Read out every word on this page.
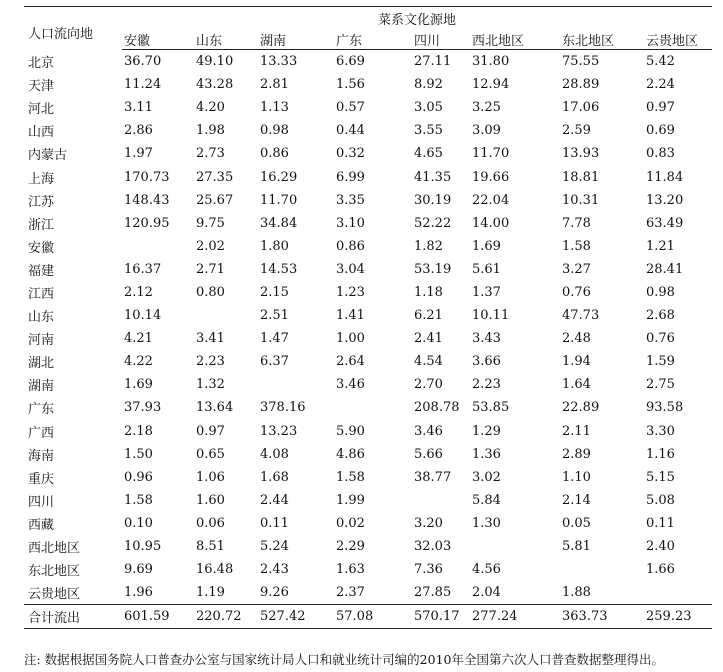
人口流向地	菜系文化源地							
	安徽	山东	湖南	广东	四川	西北地区	东北地区	云贵地区
北京	36.70	49.10	13.33	6.69	27.11	31.80	75.55	5.42
天津	11.24	43.28	2.81	1.56	8.92	12.94	28.89	2.24
河北	3.11	4.20	1.13	0.57	3.05	3.25	17.06	0.97
山西	2.86	1.98	0.98	0.44	3.55	3.09	2.59	0.69
内蒙古	1.97	2.73	0.86	0.32	4.65	11.70	13.93	0.83
上海	170.73	27.35	16.29	6.99	41.35	19.66	18.81	11.84
江苏	148.43	25.67	11.70	3.35	30.19	22.04	10.31	13.20
浙江	120.95	9.75	34.84	3.10	52.22	14.00	7.78	63.49
安徽		2.02	1.80	0.86	1.82	1.69	1.58	1.21
福建	16.37	2.71	14.53	3.04	53.19	5.61	3.27	28.41
江西	2.12	0.80	2.15	1.23	1.18	1.37	0.76	0.98
山东	10.14		2.51	1.41	6.21	10.11	47.73	2.68
河南	4.21	3.41	1.47	1.00	2.41	3.43	2.48	0.76
湖北	4.22	2.23	6.37	2.64	4.54	3.66	1.94	1.59
湖南	1.69	1.32		3.46	2.70	2.23	1.64	2.75
广东	37.93	13.64	378.16		208.78	53.85	22.89	93.58
广西	2.18	0.97	13.23	5.90	3.46	1.29	2.11	3.30
海南	1.50	0.65	4.08	4.86	5.66	1.36	2.89	1.16
重庆	0.96	1.06	1.68	1.58	38.77	3.02	1.10	5.15
四川	1.58	1.60	2.44	1.99		5.84	2.14	5.08
西藏	0.10	0.06	0.11	0.02	3.20	1.30	0.05	0.11
西北地区	10.95	8.51	5.24	2.29	32.03		5.81	2.40
东北地区	9.69	16.48	2.43	1.63	7.36	4.56		1.66
云贵地区	1.96	1.19	9.26	2.37	27.85	2.04	1.88	
合计流出	601.59	220.72	527.42	57.08	570.17	277.24	363.73	259.23
注: 数据根据国务院人口普查办公室与国家统计局人口和就业统计司编的2010年全国第六次人口普查数据整理得出。
